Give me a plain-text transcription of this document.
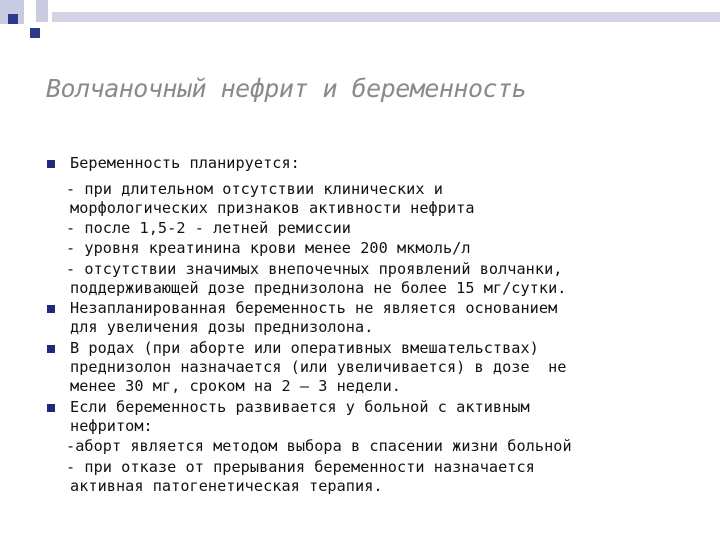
Волчаночный нефрит и беременность
Беременность планируется:
- при длительном отсутствии клинических и
морфологических признаков активности нефрита
- после 1,5-2 - летней ремиссии
- уровня креатинина крови менее 200 мкмоль/л
- отсутствии значимых внепочечных проявлений волчанки,
поддерживающей дозе преднизолона не более 15 мг/сутки.
Незапланированная беременность не является основанием
для увеличения дозы преднизолона.
В родах (при аборте или оперативных вмешательствах)
преднизолон назначается (или увеличивается) в дозе  не
менее 30 мг, сроком на 2 – 3 недели.
Если беременность развивается у больной с активным
нефритом:
-аборт является методом выбора в спасении жизни больной
- при отказе от прерывания беременности назначается
активная патогенетическая терапия.
